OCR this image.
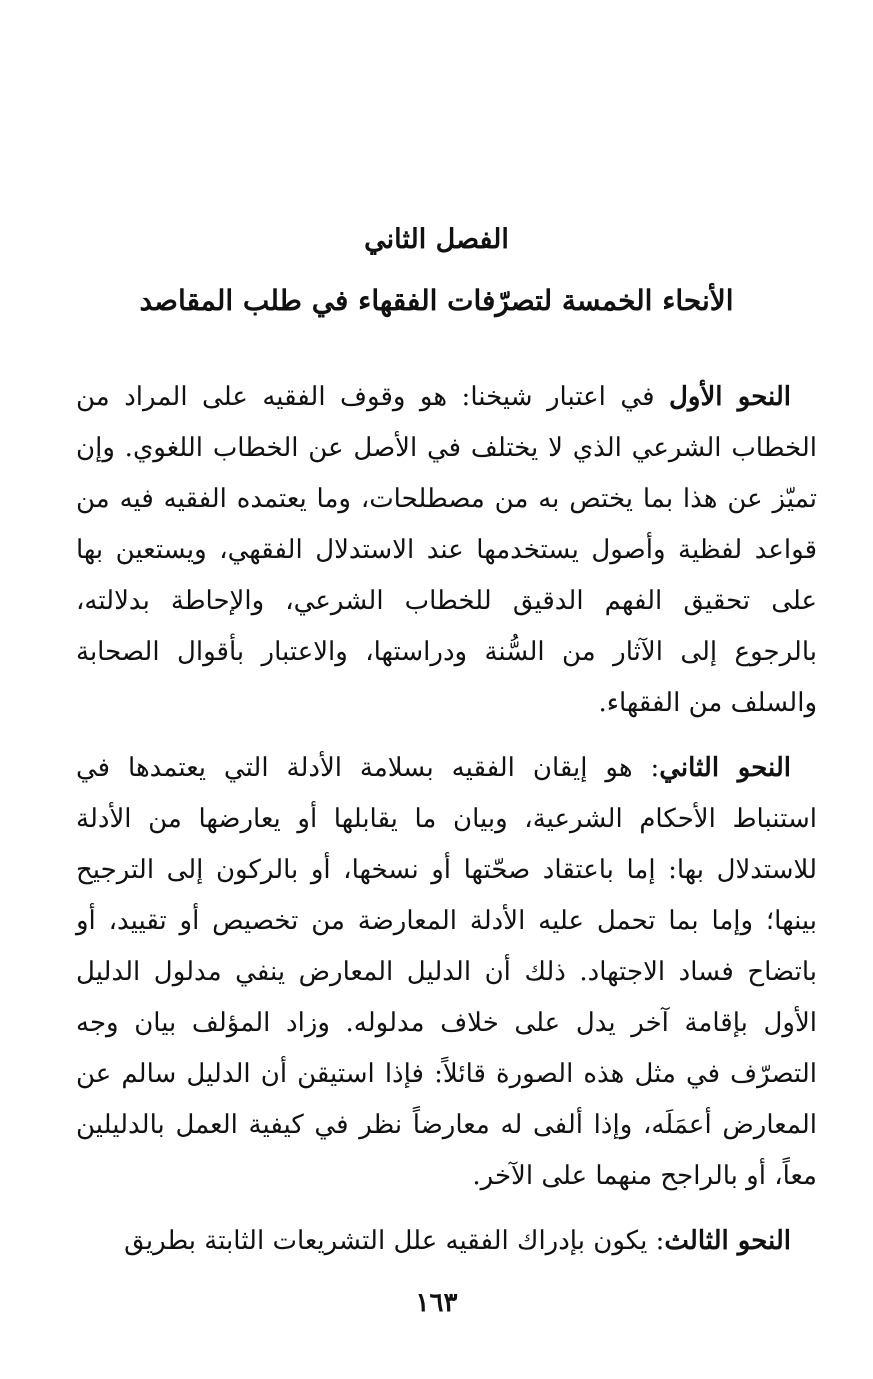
الفصل الثاني
الأنحاء الخمسة لتصرّفات الفقهاء في طلب المقاصد

النحو الأول في اعتبار شيخنا: هو وقوف الفقيه على المراد من الخطاب الشرعي الذي لا يختلف في الأصل عن الخطاب اللغوي. وإن تميّز عن هذا بما يختص به من مصطلحات، وما يعتمده الفقيه فيه من قواعد لفظية وأصول يستخدمها عند الاستدلال الفقهي، ويستعين بها على تحقيق الفهم الدقيق للخطاب الشرعي، والإحاطة بدلالته، بالرجوع إلى الآثار من السُّنة ودراستها، والاعتبار بأقوال الصحابة والسلف من الفقهاء.

النحو الثاني: هو إيقان الفقيه بسلامة الأدلة التي يعتمدها في استنباط الأحكام الشرعية، وبيان ما يقابلها أو يعارضها من الأدلة للاستدلال بها: إما باعتقاد صحّتها أو نسخها، أو بالركون إلى الترجيح بينها؛ وإما بما تحمل عليه الأدلة المعارضة من تخصيص أو تقييد، أو باتضاح فساد الاجتهاد. ذلك أن الدليل المعارض ينفي مدلول الدليل الأول بإقامة آخر يدل على خلاف مدلوله. وزاد المؤلف بيان وجه التصرّف في مثل هذه الصورة قائلاً: فإذا استيقن أن الدليل سالم عن المعارض أعمَلَه، وإذا ألفى له معارضاً نظر في كيفية العمل بالدليلين معاً، أو بالراجح منهما على الآخر.

النحو الثالث: يكون بإدراك الفقيه علل التشريعات الثابتة بطريق

١٦٣
